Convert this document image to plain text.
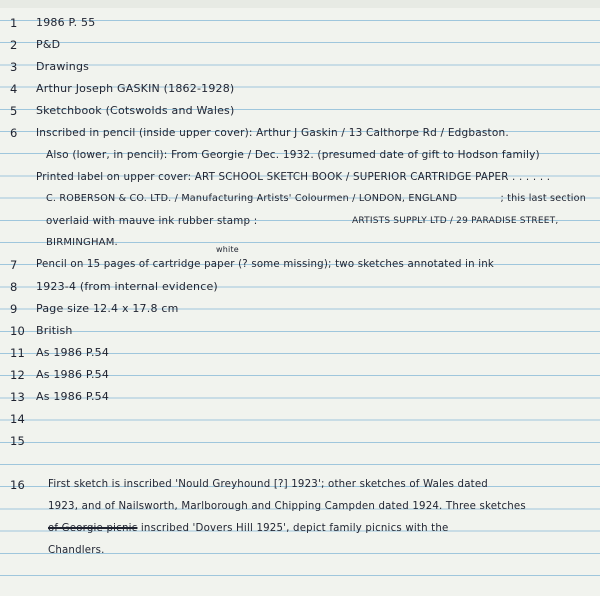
1	1986 P. 55
2	P&D
3	Drawings
4	Arthur Joseph GASKIN (1862-1928)
5	Sketchbook (Cotswolds and Wales)
6	Inscribed in pencil (inside upper cover): Arthur J Gaskin / 13 Calthorpe Rd / Edgbaston.
Also (lower, in pencil): From Georgie / Dec. 1932. (presumed date of gift to Hodson family)
Printed label on upper cover: ART SCHOOL SKETCH BOOK / SUPERIOR CARTRIDGE PAPER . . . . . .
C. ROBERSON & CO. LTD. / Manufacturing Artists' Colourmen / LONDON, ENGLAND	; this last section
overlaid with mauve ink rubber stamp :	ARTISTS SUPPLY LTD / 29 PARADISE STREET,
BIRMINGHAM.
7	Pencil on 15 pages of cartridge paper (? some missing); two sketches annotated in ink
white
8	1923-4 (from internal evidence)
9	Page size 12.4 x 17.8 cm
10 British
11 As 1986 P.54
12 As 1986 P.54
13 As 1986 P.54
14
15
16	First sketch is inscribed 'Nould Greyhound [?] 1923'; other sketches of Wales dated
1923, and of Nailsworth, Marlborough and Chipping Campden dated 1924. Three sketches
of Georgie picnic inscribed 'Dovers Hill 1925', depict family picnics with the
Chandlers.
